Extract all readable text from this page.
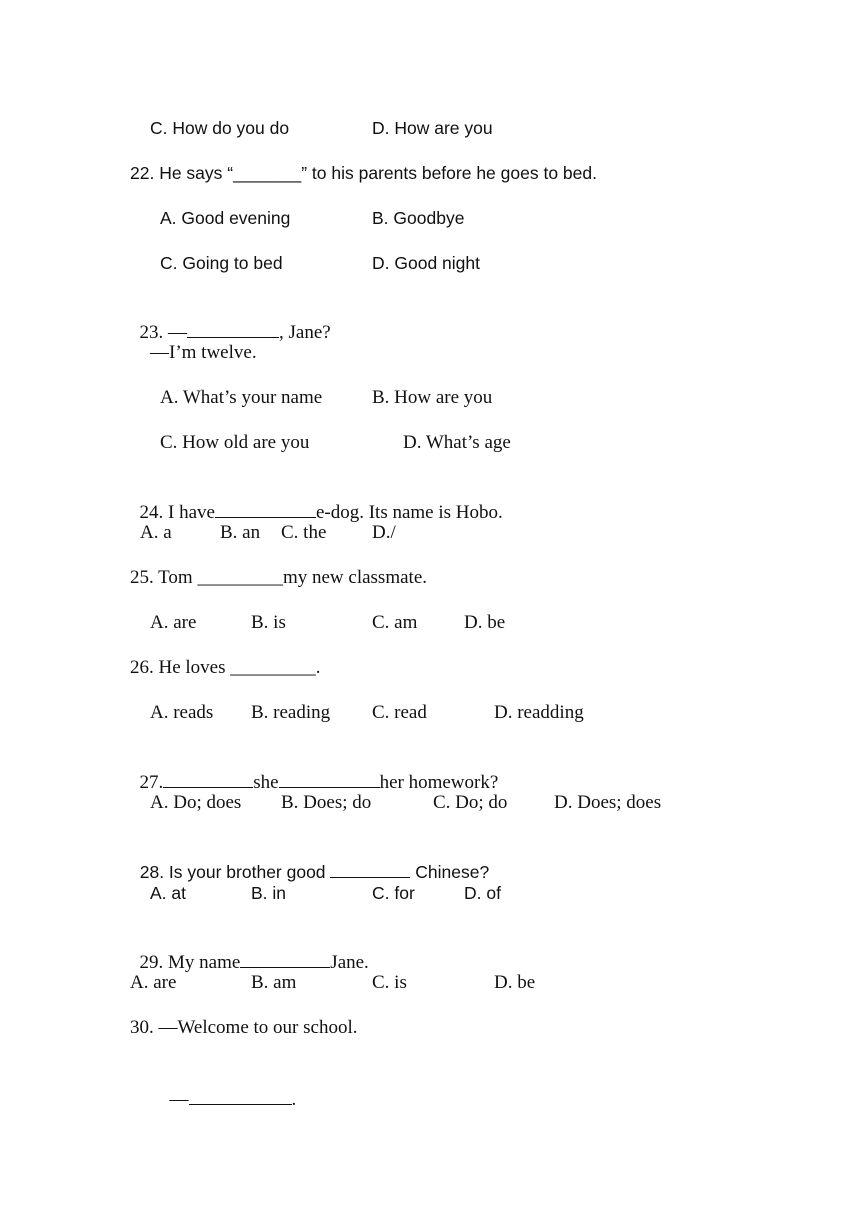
C. How do you do	D. How are you
22. He says “_______” to his parents before he goes to bed.
A. Good evening	B. Goodbye
C. Going to bed	D. Good night

23. —	, Jane?

—I’m twelve.
A. What’s your name	B. How are you
C. How old are you	D. What’s age

24. I have	e-dog. Its name is Hobo.

A. a	B. an C. the D./
25. Tom _________my new classmate.
A. are	B. is	C. am D. be
26. He loves _________.
A. reads B. reading C. read	D. readding

27.	she	her homework?

A. Do; does B. Does; do	C. Do; do D. Does; does

28. Is your brother good	Chinese?

A. at	B. in	C. for	D. of

29. My name	Jane.

A. are	B. am	C. is	D. be
30. —Welcome to our school.

—	.
